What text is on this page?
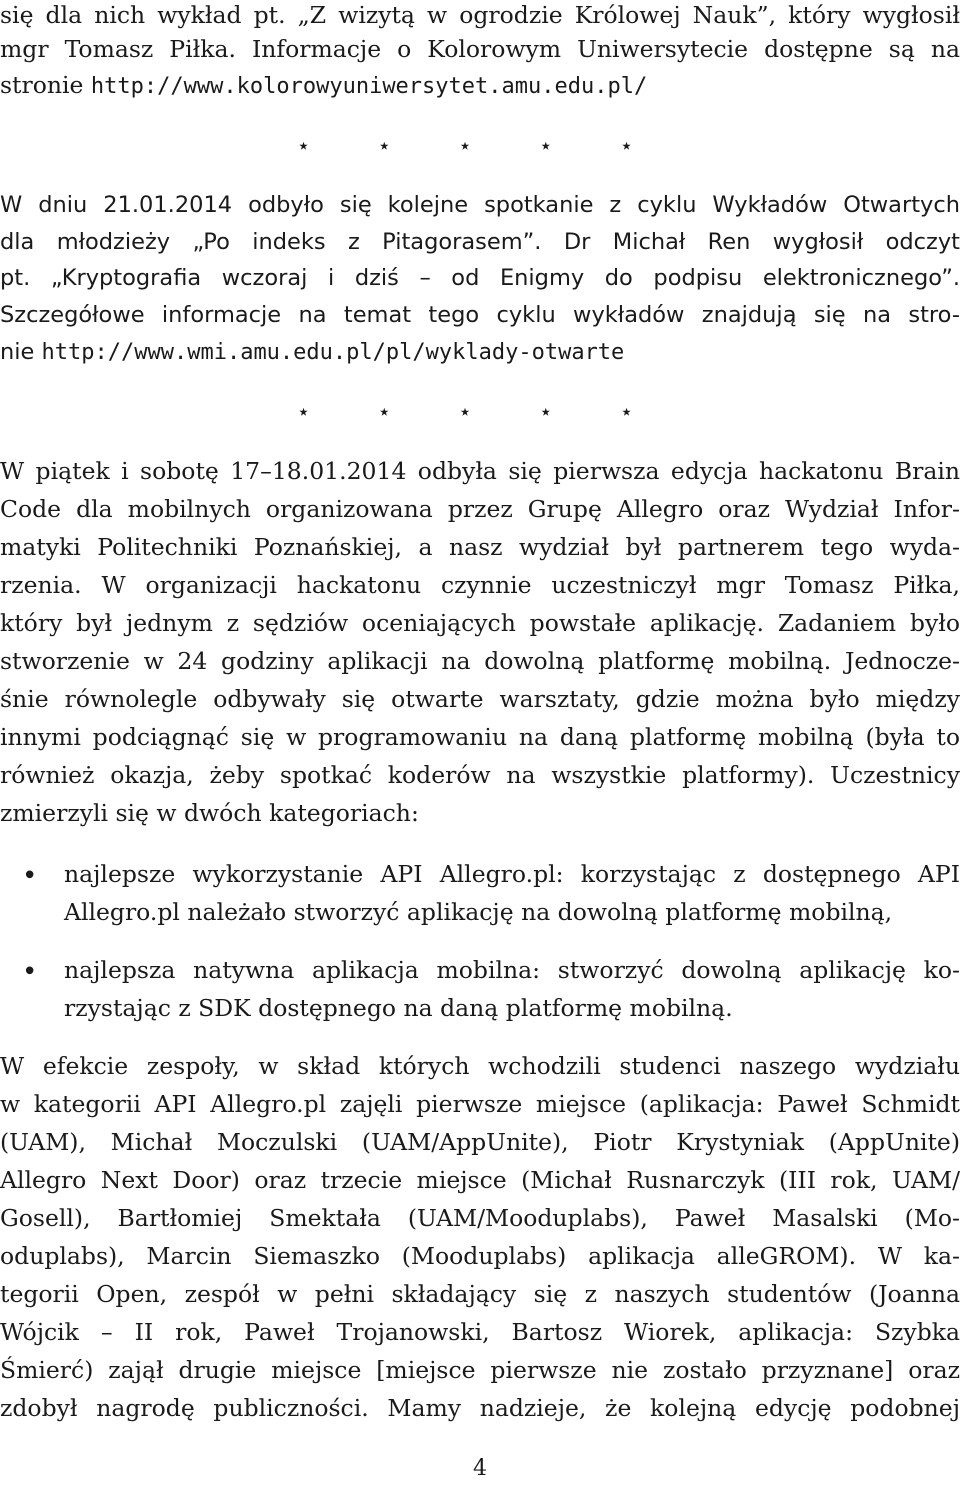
się dla nich wykład pt. „Z wizytą w ogrodzie Królowej Nauk”, który wygłosił
mgr Tomasz Piłka. Informacje o Kolorowym Uniwersytecie dostępne są na
stronie http://www.kolorowyuniwersytet.amu.edu.pl/
⋆ ⋆ ⋆ ⋆ ⋆
W dniu 21.01.2014 odbyło się kolejne spotkanie z cyklu Wykładów Otwartych
dla młodzieży „Po indeks z Pitagorasem”. Dr Michał Ren wygłosił odczyt
pt. „Kryptografia wczoraj i dziś – od Enigmy do podpisu elektronicznego”.
Szczegółowe informacje na temat tego cyklu wykładów znajdują się na stro-
nie http://www.wmi.amu.edu.pl/pl/wyklady-otwarte
⋆ ⋆ ⋆ ⋆ ⋆
W piątek i sobotę 17–18.01.2014 odbyła się pierwsza edycja hackatonu Brain
Code dla mobilnych organizowana przez Grupę Allegro oraz Wydział Infor-
matyki Politechniki Poznańskiej, a nasz wydział był partnerem tego wyda-
rzenia. W organizacji hackatonu czynnie uczestniczył mgr Tomasz Piłka,
który był jednym z sędziów oceniających powstałe aplikację. Zadaniem było
stworzenie w 24 godziny aplikacji na dowolną platformę mobilną. Jednocze-
śnie równolegle odbywały się otwarte warsztaty, gdzie można było między
innymi podciągnąć się w programowaniu na daną platformę mobilną (była to
również okazja, żeby spotkać koderów na wszystkie platformy). Uczestnicy
zmierzyli się w dwóch kategoriach:
• najlepsze wykorzystanie API Allegro.pl: korzystając z dostępnego API
Allegro.pl należało stworzyć aplikację na dowolną platformę mobilną,
• najlepsza natywna aplikacja mobilna: stworzyć dowolną aplikację ko-
rzystając z SDK dostępnego na daną platformę mobilną.
W efekcie zespoły, w skład których wchodzili studenci naszego wydziału
w kategorii API Allegro.pl zajęli pierwsze miejsce (aplikacja: Paweł Schmidt
(UAM), Michał Moczulski (UAM/AppUnite), Piotr Krystyniak (AppUnite)
Allegro Next Door) oraz trzecie miejsce (Michał Rusnarczyk (III rok, UAM/
Gosell), Bartłomiej Smektała (UAM/Mooduplabs), Paweł Masalski (Mo-
oduplabs), Marcin Siemaszko (Mooduplabs) aplikacja alleGROM). W ka-
tegorii Open, zespół w pełni składający się z naszych studentów (Joanna
Wójcik – II rok, Paweł Trojanowski, Bartosz Wiorek, aplikacja: Szybka
Śmierć) zajął drugie miejsce [miejsce pierwsze nie zostało przyznane] oraz
zdobył nagrodę publiczności. Mamy nadzieje, że kolejną edycję podobnej
4
